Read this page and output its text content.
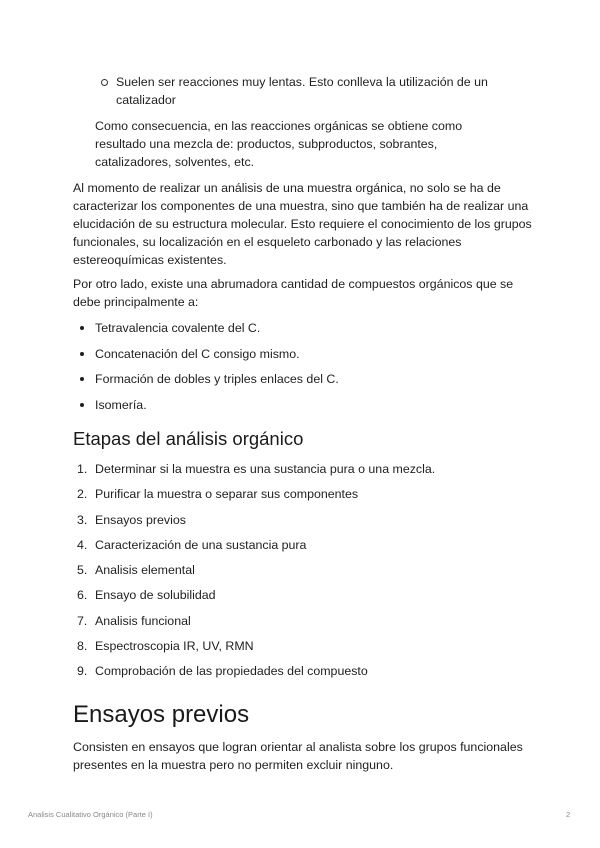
Suelen ser reacciones muy lentas. Esto conlleva la utilización de un catalizador

Como consecuencia, en las reacciones orgánicas se obtiene como resultado una mezcla de: productos, subproductos, sobrantes, catalizadores, solventes, etc.

Al momento de realizar un análisis de una muestra orgánica, no solo se ha de caracterizar los componentes de una muestra, sino que también ha de realizar una elucidación de su estructura molecular. Esto requiere el conocimiento de los grupos funcionales, su localización en el esqueleto carbonado y las relaciones estereoquímicas existentes.

Por otro lado, existe una abrumadora cantidad de compuestos orgánicos que se debe principalmente a:

Tetravalencia covalente del C.
Concatenación del C consigo mismo.
Formación de dobles y triples enlaces del C.
Isomería.
Etapas del análisis orgánico
1. Determinar si la muestra es una sustancia pura o una mezcla.
2. Purificar la muestra o separar sus componentes
3. Ensayos previos
4. Caracterización de una sustancia pura
5. Analisis elemental
6. Ensayo de solubilidad
7. Analisis funcional
8. Espectroscopia IR, UV, RMN
9. Comprobación de las propiedades del compuesto
Ensayos previos

Consisten en ensayos que logran orientar al analista sobre los grupos funcionales presentes en la muestra pero no permiten excluir ninguno.

Analisis Cualitativo Orgánico (Parte I)	2
